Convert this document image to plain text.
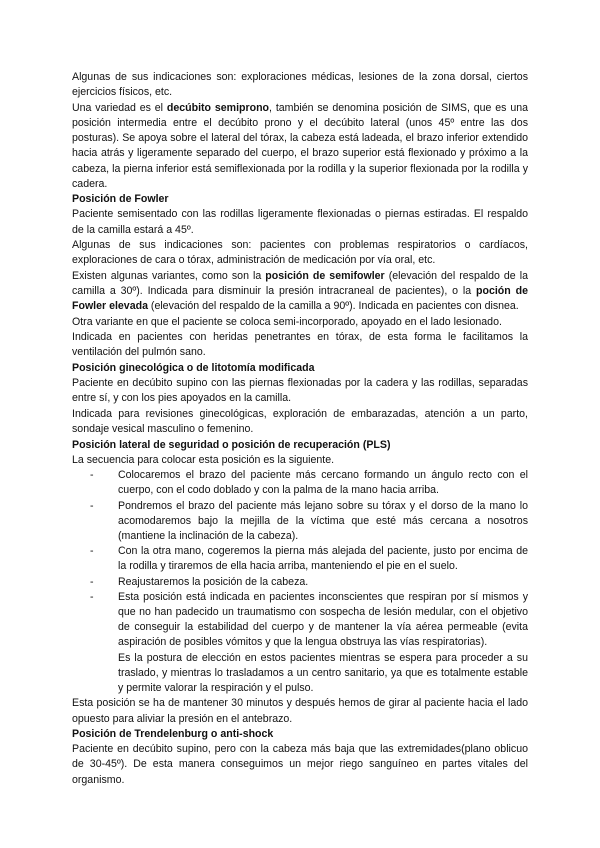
Algunas de sus indicaciones son: exploraciones médicas, lesiones de la zona dorsal, ciertos ejercicios físicos, etc.

Una variedad es el decúbito semiprono, también se denomina posición de SIMS, que es una posición intermedia entre el decúbito prono y el decúbito lateral (unos 45º entre las dos posturas). Se apoya sobre el lateral del tórax, la cabeza está ladeada, el brazo inferior extendido hacia atrás y ligeramente separado del cuerpo, el brazo superior está flexionado y próximo a la cabeza, la pierna inferior está semiflexionada por la rodilla y la superior flexionada por la rodilla y cadera.

Posición de Fowler

Paciente semisentado con las rodillas ligeramente flexionadas o piernas estiradas. El respaldo de la camilla estará a 45º.

Algunas de sus indicaciones son: pacientes con problemas respiratorios o cardíacos, exploraciones de cara o tórax, administración de medicación por vía oral, etc.

Existen algunas variantes, como son la posición de semifowler (elevación del respaldo de la camilla a 30º). Indicada para disminuir la presión intracraneal de pacientes), o la poción de Fowler elevada (elevación del respaldo de la camilla a 90º). Indicada en pacientes con disnea.

Otra variante en que el paciente se coloca semi-incorporado, apoyado en el lado lesionado.

Indicada en pacientes con heridas penetrantes en tórax, de esta forma le facilitamos la ventilación del pulmón sano.

Posición ginecológica o de litotomía modificada

Paciente en decúbito supino con las piernas flexionadas por la cadera y las rodillas, separadas entre sí, y con los pies apoyados en la camilla.

Indicada para revisiones ginecológicas, exploración de embarazadas, atención a un parto, sondaje vesical masculino o femenino.

Posición lateral de seguridad o posición de recuperación (PLS)

La secuencia para colocar esta posición es la siguiente.

- Colocaremos el brazo del paciente más cercano formando un ángulo recto con el cuerpo, con el codo doblado y con la palma de la mano hacia arriba.
- Pondremos el brazo del paciente más lejano sobre su tórax y el dorso de la mano lo acomodaremos bajo la mejilla de la víctima que esté más cercana a nosotros (mantiene la inclinación de la cabeza).
- Con la otra mano, cogeremos la pierna más alejada del paciente, justo por encima de la rodilla y tiraremos de ella hacia arriba, manteniendo el pie en el suelo.
- Reajustaremos la posición de la cabeza.
- Esta posición está indicada en pacientes inconscientes que respiran por sí mismos y que no han padecido un traumatismo con sospecha de lesión medular, con el objetivo de conseguir la estabilidad del cuerpo y de mantener la vía aérea permeable (evita aspiración de posibles vómitos y que la lengua obstruya las vías respiratorias).
Es la postura de elección en estos pacientes mientras se espera para proceder a su traslado, y mientras lo trasladamos a un centro sanitario, ya que es totalmente estable y permite valorar la respiración y el pulso.

Esta posición se ha de mantener 30 minutos y después hemos de girar al paciente hacia el lado opuesto para aliviar la presión en el antebrazo.

Posición de Trendelenburg o anti-shock

Paciente en decúbito supino, pero con la cabeza más baja que las extremidades(plano oblicuo de 30-45º). De esta manera conseguimos un mejor riego sanguíneo en partes vitales del organismo.
